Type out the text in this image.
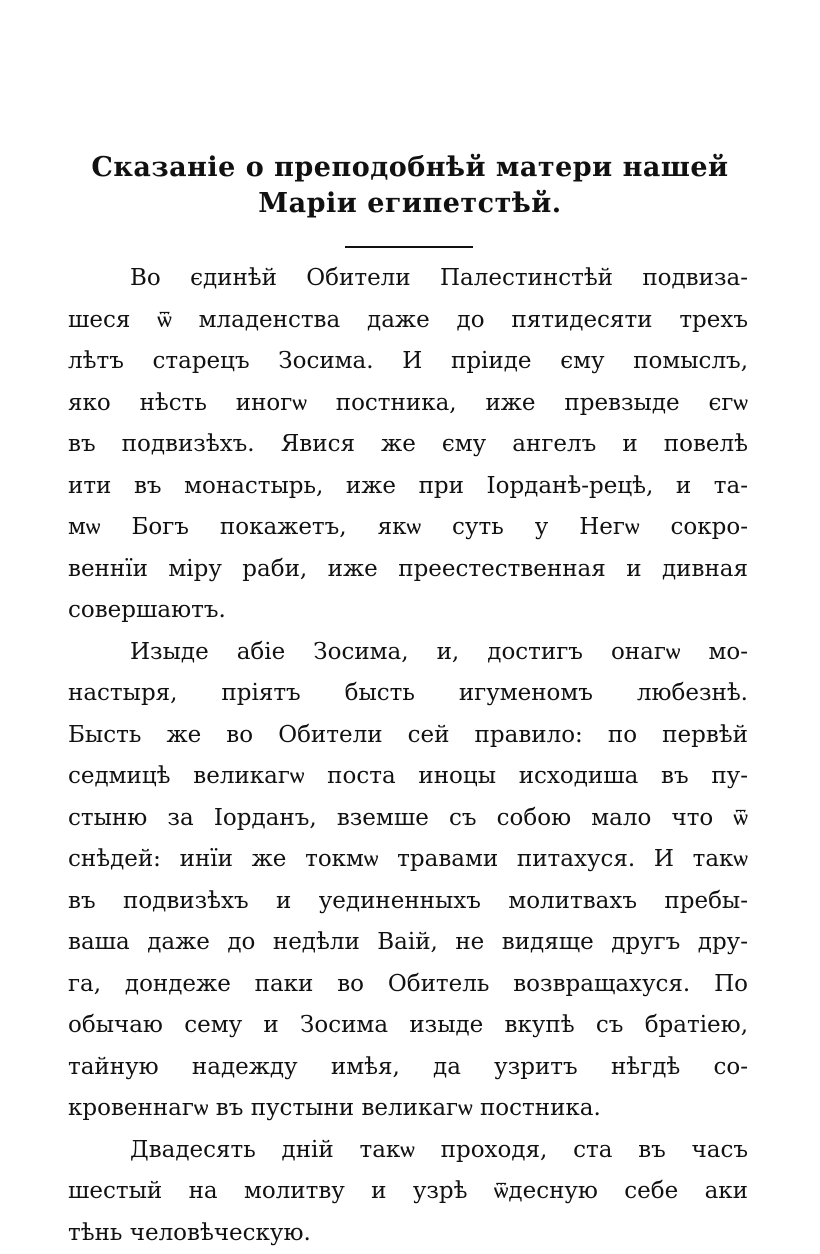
Сказаніе о преподобнѣй матери нашей
Маріи египетстѣй.
Во єдинѣй Обители Палестинстѣй подвиза-
шеся ѿ младенства даже до пятидесяти трехъ
лѣтъ старецъ Зосима. И пріиде єму помыслъ,
яко нѣсть иногѡ постника, иже превзыде єгѡ
въ подвизѣхъ. Явися же єму ангелъ и повелѣ
ити въ монастырь, иже при Іорданѣ-рецѣ, и та-
мѡ Богъ покажетъ, якѡ суть у Негѡ сокро-
веннїи міру раби, иже преестественная и дивная
совершаютъ.
Изыде абіе Зосима, и, достигъ онагѡ мо-
настыря, пріятъ бысть игуменомъ любезнѣ.
Бысть же во Обители сей правило: по первѣй
седмицѣ великагѡ поста иноцы исходиша въ пу-
стыню за Іорданъ, вземше съ собою мало что ѿ
снѣдей: инїи же токмѡ травами питахуся. И такѡ
въ подвизѣхъ и уединенныхъ молитвахъ пребы-
ваша даже до недѣли Ваій, не видяще другъ дру-
га, дондеже паки во Обитель возвращахуся. По
обычаю сему и Зосима изыде вкупѣ съ братіею,
тайную надежду имѣя, да узритъ нѣгдѣ со-
кровеннагѡ въ пустыни великагѡ постника.
Двадесять дній такѡ проходя, ста въ часъ
шестый на молитву и узрѣ ѿдесную себе аки
тѣнь человѣческую.
